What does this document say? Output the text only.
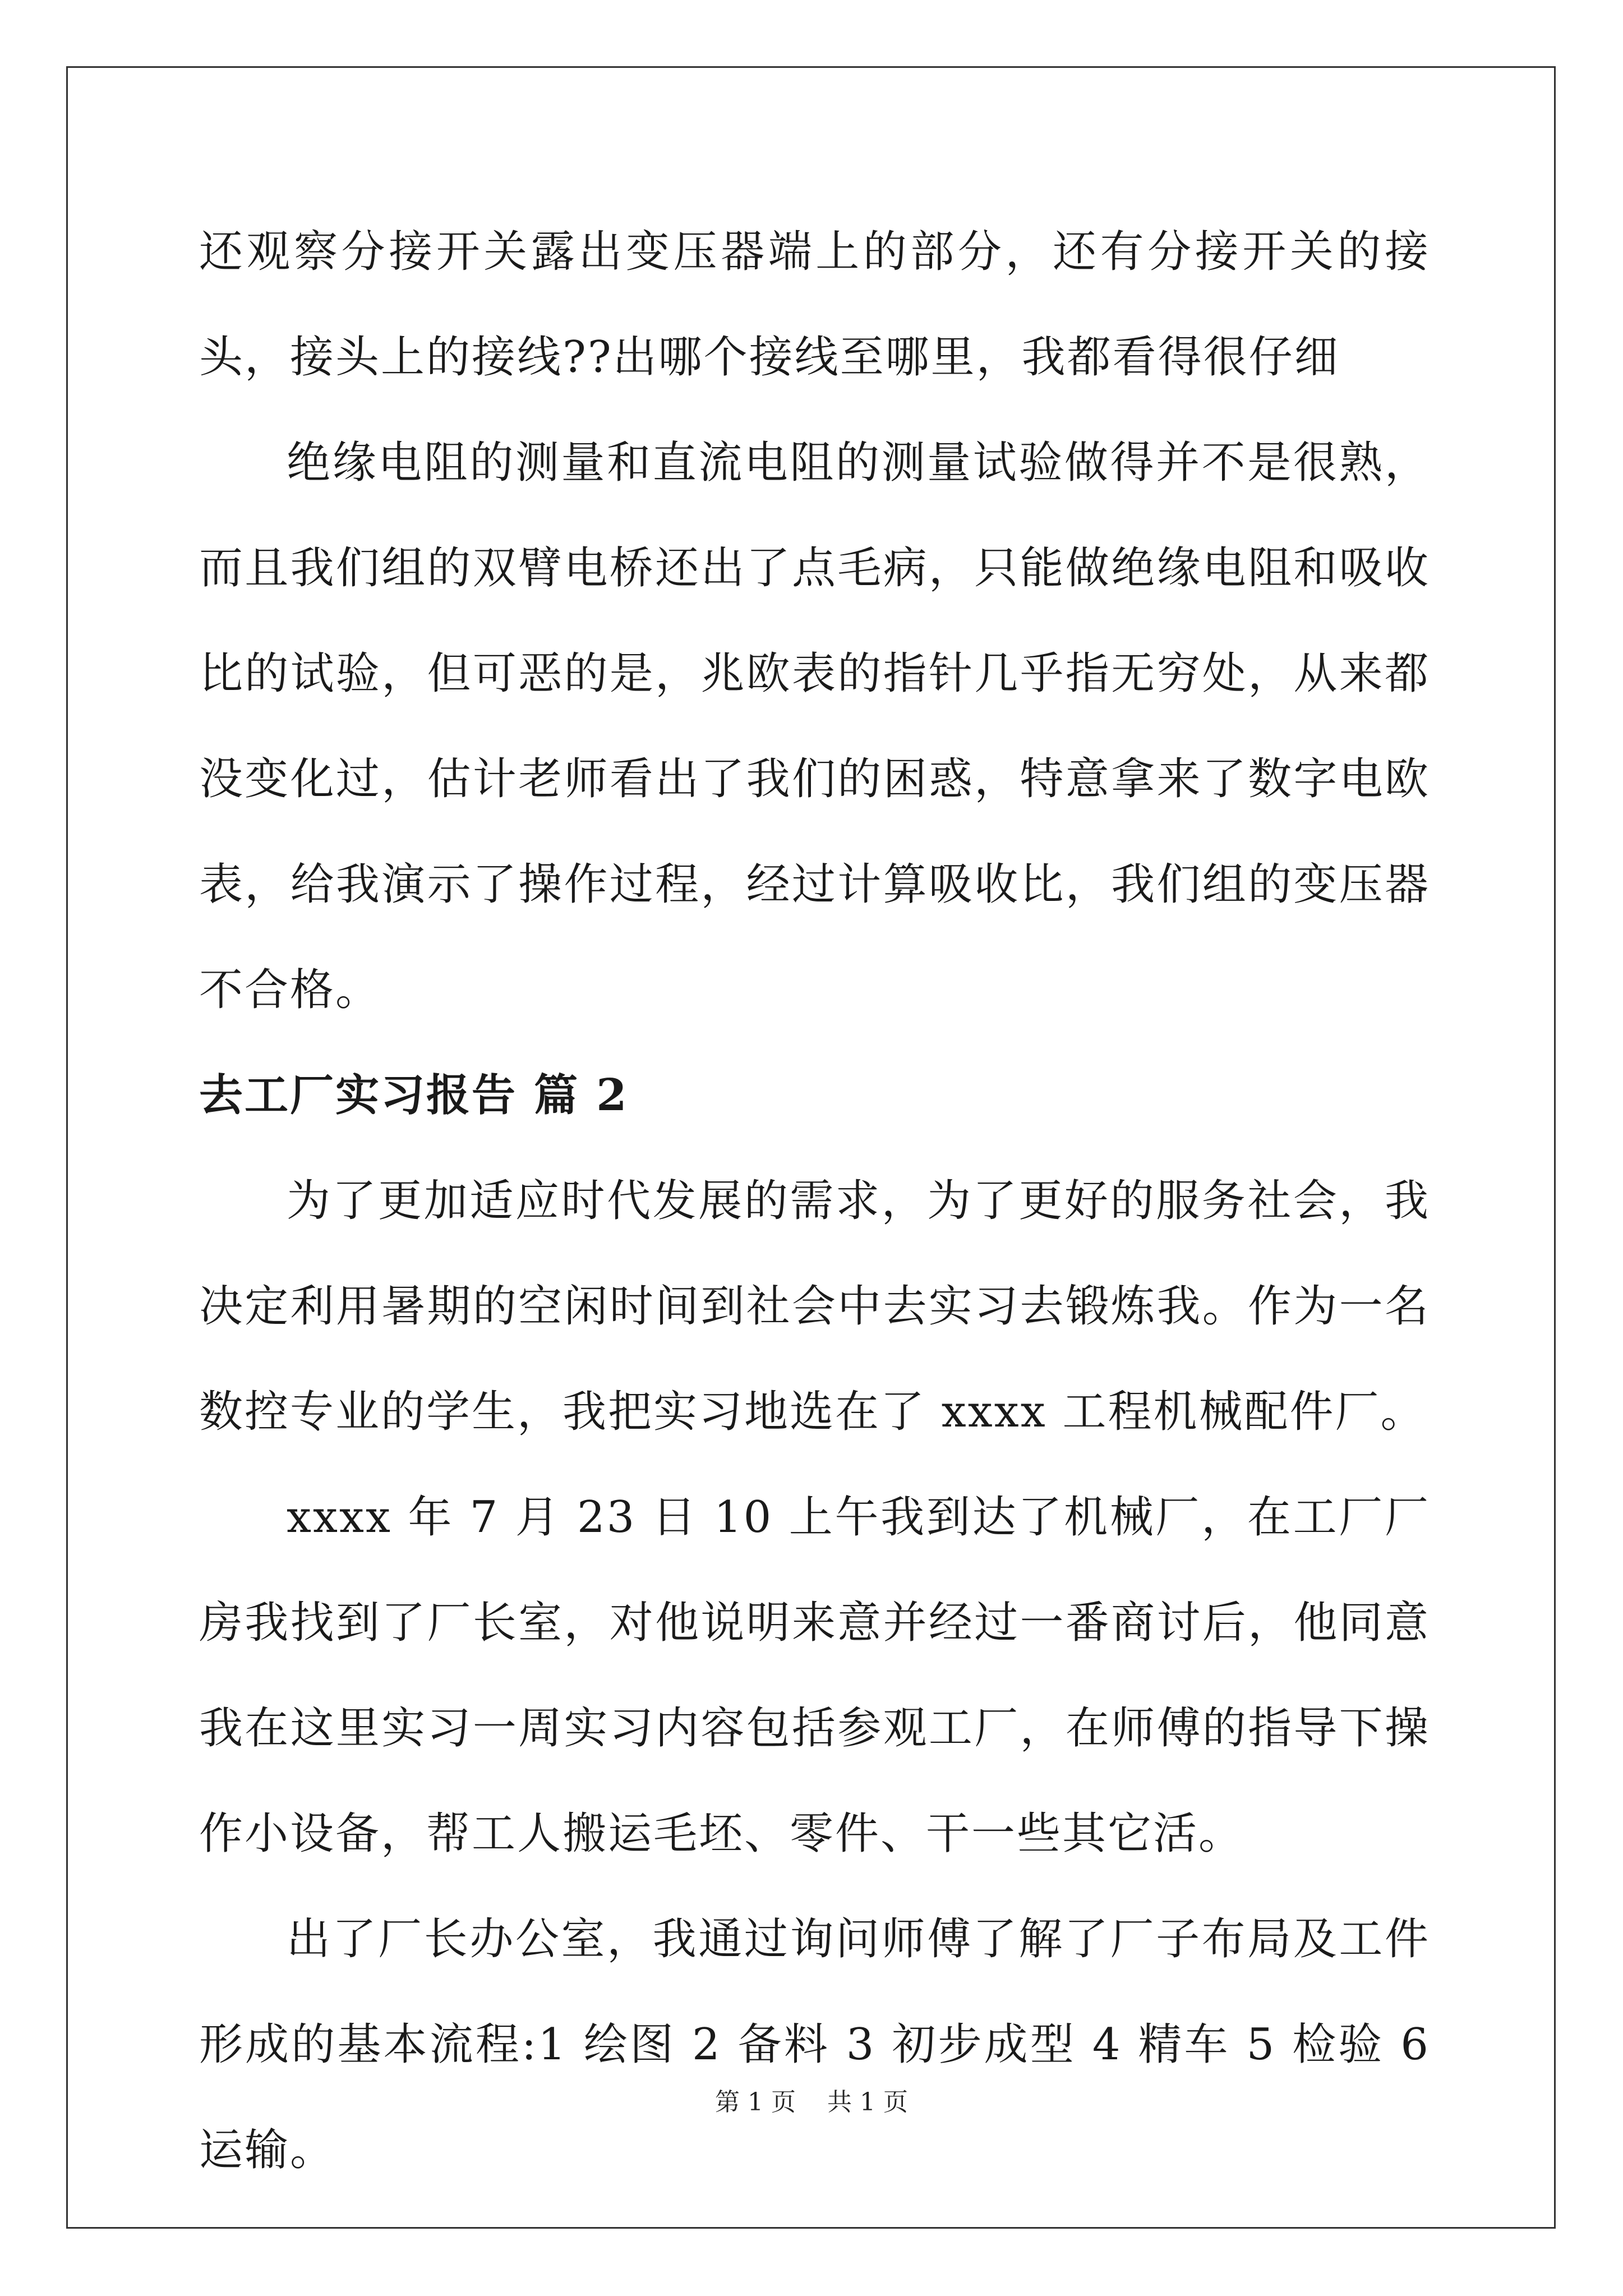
还观察分接开关露出变压器端上的部分，还有分接开关的接头，接头上的接线??出哪个接线至哪里，我都看得很仔细

绝缘电阻的测量和直流电阻的测量试验做得并不是很熟，而且我们组的双臂电桥还出了点毛病，只能做绝缘电阻和吸收比的试验，但可恶的是，兆欧表的指针几乎指无穷处，从来都没变化过，估计老师看出了我们的困惑，特意拿来了数字电欧表，给我演示了操作过程，经过计算吸收比，我们组的变压器不合格。

去工厂实习报告 篇 2

为了更加适应时代发展的需求，为了更好的服务社会，我决定利用暑期的空闲时间到社会中去实习去锻炼我。作为一名数控专业的学生，我把实习地选在了 xxxx 工程机械配件厂。

xxxx 年 7 月 23 日 10 上午我到达了机械厂，在工厂厂房我找到了厂长室，对他说明来意并经过一番商讨后，他同意我在这里实习一周实习内容包括参观工厂，在师傅的指导下操作小设备，帮工人搬运毛坯、零件、干一些其它活。

出了厂长办公室，我通过询问师傅了解了厂子布局及工件形成的基本流程:1 绘图 2 备料 3 初步成型 4 精车 5 检验 6 运输。

第 1 页 共 1 页
